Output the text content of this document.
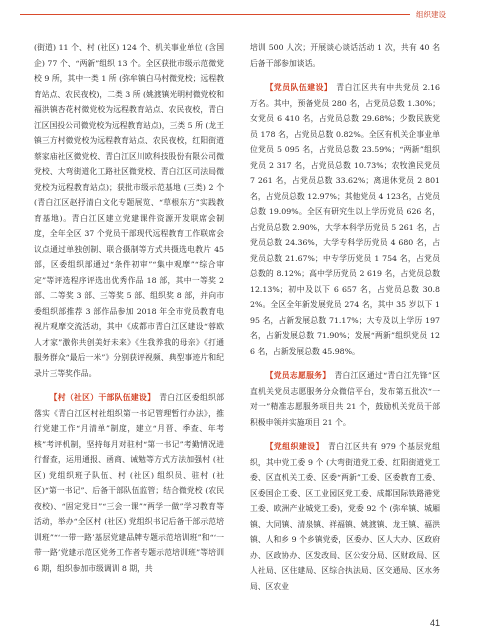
组织建设

(街道) 11 个、村 (社区) 124 个、机关事业单位 (含国企) 77 个、“两新”组织 13 个。全区获批市级示范微党校 9 所，其中一类 1 所 (弥牟镇白马村微党校；远程教育站点、农民夜校)，二类 3 所 (姚渡镇光明村微党校和福洪镇杏花村微党校为远程教育站点、农民夜校，青白江区国投公司微党校为远程教育站点)，三类 5 所 (龙王镇三方村微党校为远程教育站点、农民夜校，红阳街道蔡家庙社区微党校、青白江区川欧科技股份有限公司微党校、大弯街道化工路社区微党校、青白江区司法局微党校为远程教育站点)；获批市级示范基地 (三类) 2 个 (青白江区赵抒清白文化专题展览、“草根东方”实践教育基地)。青白江区建立党建课件资源开发联席会制度，全年全区 37 个党员干部现代远程教育工作联席会议点通过单独创制、联合摄制等方式共摄选电教片 45 部，区委组织部通过“条件初审”“集中观摩”“综合审定”等评选程序评选出优秀作品 18 部，其中一等奖 2 部、二等奖 3 部、三等奖 5 部、组织奖 8 部，并向市委组织部推荐 3 部作品参加 2018 年全市党员教育电视片观摩交流活动，其中《成都市青白江区建设“蓉欧人才家”激你共创美好未来》《生我养我的母亲》《打通服务群众“最后一米”》分别获评视频、典型事迹片和纪录片三等奖作品。

【村（社区）干部队伍建设】 青白江区委组织部落实《青白江区村社组织第一书记管理暂行办法》，推行党建工作“月清单”制度，建立“月晋、季查、年考核”考评机制，坚持每月对驻村“第一书记”考勤情况进行督查，运用通报、函商、诫勉等方式方法加强村 (社区) 党组织班子队伍、村 (社区) 组织员、驻村 (社区)“第一书记”、后备干部队伍监管；结合微党校 (农民夜校)、“固定党日”“三会一课”“两学一做”学习教育等活动，举办“全区村 (社区) 党组织书记后备干部示范培训班”“‘一带一路’基层党建品牌专题示范培训班”和“‘一带一路’党建示范区党务工作者专题示范培训班”等培训 6 期，组织参加市级调训 8 期，共

培训 500 人次；开展谈心谈话活动 1 次，共有 40 名后备干部参加谈话。

【党员队伍建设】 青白江区共有中共党员 2.16 万名。其中，预备党员 280 名，占党员总数 1.30%；女党员 6 410 名，占党员总数 29.68%；少数民族党员 178 名，占党员总数 0.82%。全区有机关企事业单位党员 5 095 名，占党员总数 23.59%；“两新”组织党员 2 317 名，占党员总数 10.73%；农牧渔民党员 7 261 名，占党员总数 33.62%；离退休党员 2 801 名，占党员总数 12.97%；其他党员 4 123名，占党员总数 19.09%。全区有研究生以上学历党员 626 名，占党员总数 2.90%，大学本科学历党员 5 261 名，占党员总数 24.36%，大学专科学历党员 4 680 名，占党员总数 21.67%；中专学历党员 1 754 名，占党员总数的 8.12%；高中学历党员 2 619 名，占党员总数 12.13%；初中及以下 6 657 名，占党员总数 30.82%。全区全年新发展党员 274 名，其中 35 岁以下 195 名，占新发展总数 71.17%；大专及以上学历 197 名，占新发展总数 71.90%；发展“两新”组织党员 126 名，占新发展总数 45.98%。

【党员志愿服务】 青白江区通过“青白江先锋”区直机关党员志愿服务分众微信平台，发布第五批次“一对一”精准志愿服务项目共 21 个，鼓励机关党员干部积极申领并实施项目 21 个。

【党组织建设】 青白江区共有 979 个基层党组织，其中党工委 9 个 (大弯街道党工委、红阳街道党工委、区直机关工委、区委“两新”工委、区委教育工委、区委国企工委、区工业园区党工委、成都国际铁路港党工委、欧洲产业城党工委)，党委 92 个 (弥牟镇、城厢镇、大同镇、清泉镇、祥福镇、姚渡镇、龙王镇、福洪镇、人和乡 9 个乡镇党委，区委办、区人大办、区政府办、区政协办、区发改局、区公安分局、区财政局、区人社局、区住建局、区综合执法局、区交通局、区水务局、区农业

41
